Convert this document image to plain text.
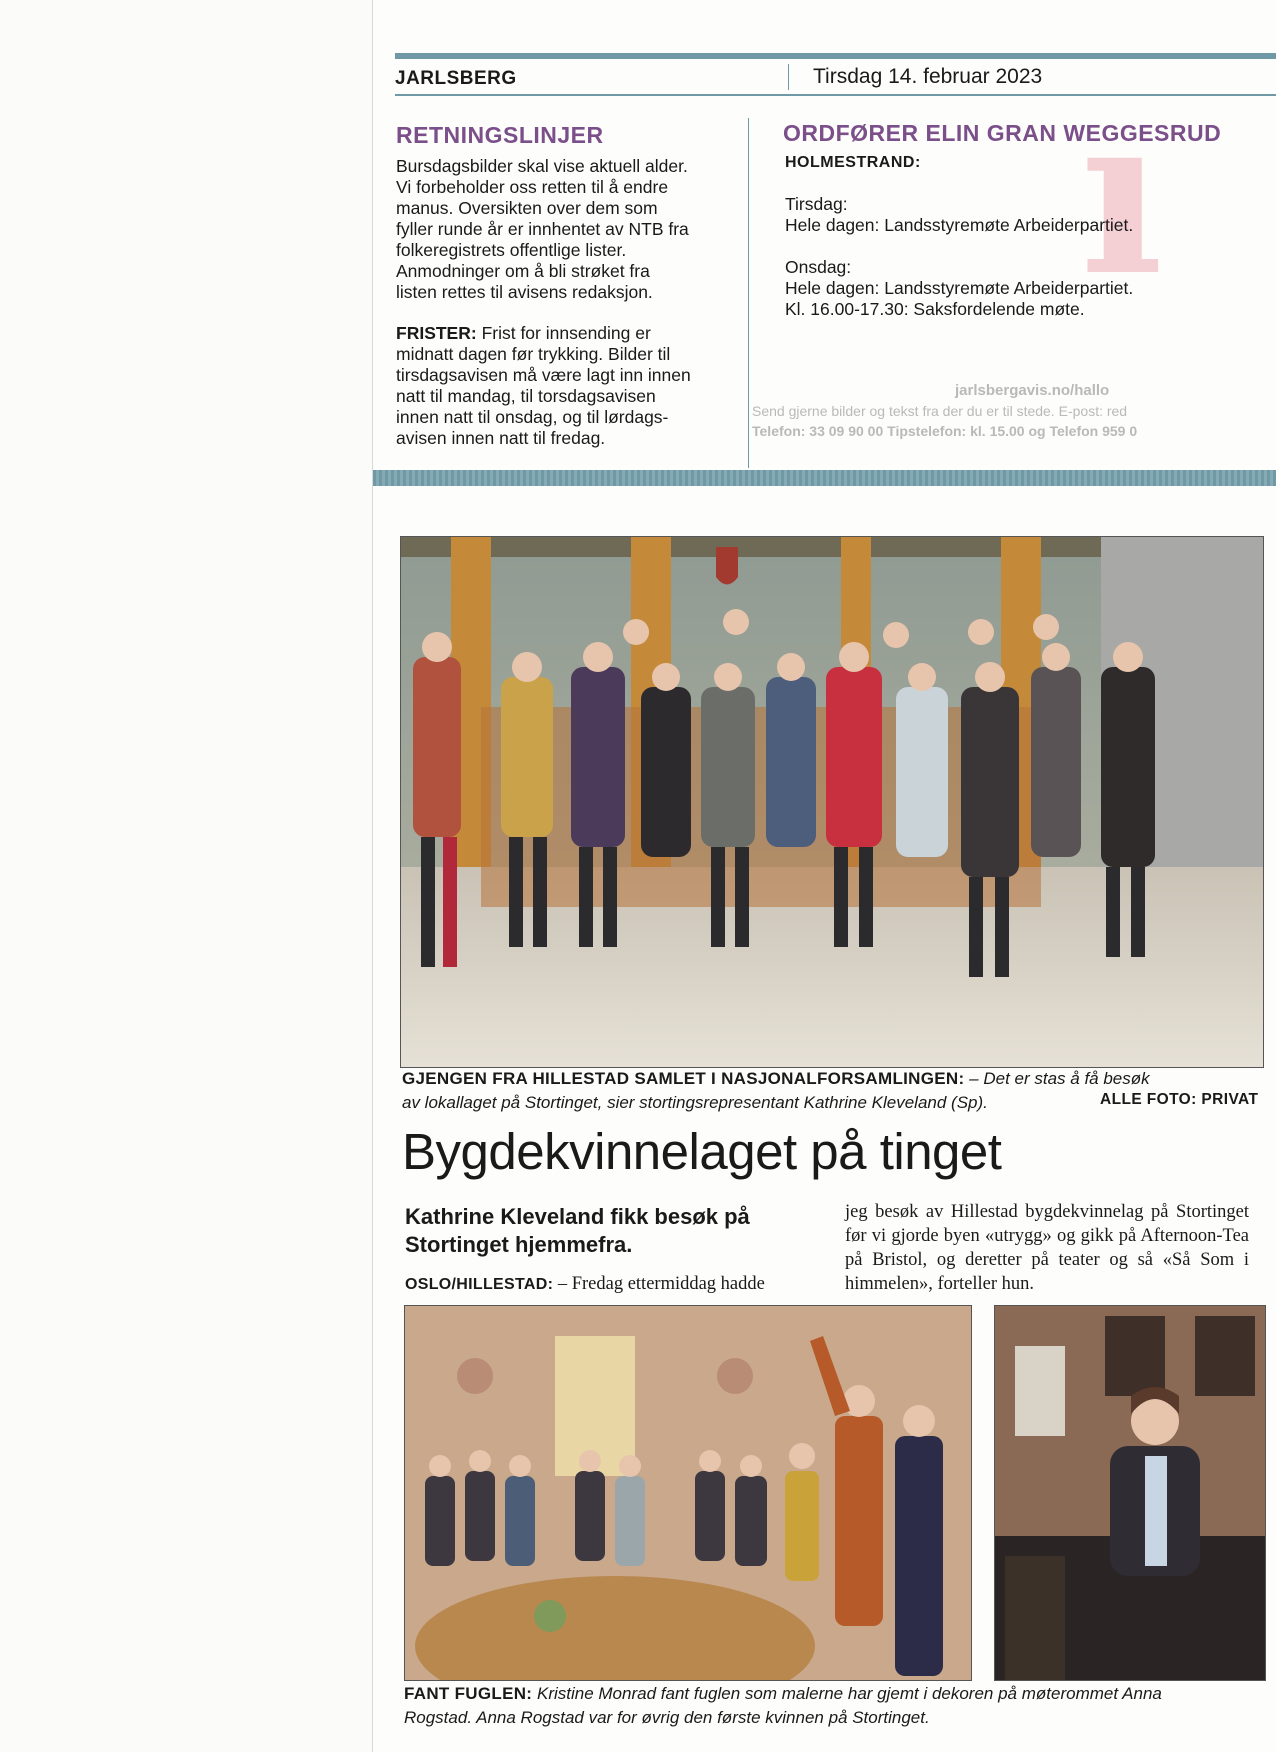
ı
jarlsbergavis.no/hallo
Send gjerne bilder og tekst fra der du er til stede. E-post: red
Telefon: 33 09 90 00 Tipstelefon: kl. 15.00 og Telefon 959 0
JARLSBERG	Tirsdag 14. februar 2023
RETNINGSLINJER
Bursdagsbilder skal vise aktuell alder.
Vi forbeholder oss retten til å endre
manus. Oversikten over dem som
fyller runde år er innhentet av NTB fra
folkeregistrets offentlige lister.
Anmodninger om å bli strøket fra
listen rettes til avisens redaksjon.
FRISTER: Frist for innsending er
midnatt dagen før trykking. Bilder til
tirsdagsavisen må være lagt inn innen
natt til mandag, til torsdagsavisen
innen natt til onsdag, og til lørdags-
avisen innen natt til fredag.
ORDFØRER ELIN GRAN WEGGESRUD
HOLMESTRAND:
Tirsdag:
Hele dagen: Landsstyremøte Arbeiderpartiet.
Onsdag:
Hele dagen: Landsstyremøte Arbeiderpartiet.
Kl. 16.00-17.30: Saksfordelende møte.
GJENGEN FRA HILLESTAD SAMLET I NASJONALFORSAMLINGEN: – Det er stas å få besøk
av lokallaget på Stortinget, sier stortingsrepresentant Kathrine Kleveland (Sp).	ALLE FOTO: PRIVAT
Bygdekvinnelaget på tinget
Kathrine Kleveland fikk besøk på Stortinget hjemmefra.
OSLO/HILLESTAD: – Fredag ettermiddag hadde
jeg besøk av Hillestad bygdekvinnelag på Stortinget før vi gjorde byen «utrygg» og gikk på Afternoon-Tea på Bristol, og deretter på teater og så «Så Som i himmelen», forteller hun.
FANT FUGLEN: Kristine Monrad fant fuglen som malerne har gjemt i dekoren på møterommet Anna
Rogstad. Anna Rogstad var for øvrig den første kvinnen på Stortinget.
